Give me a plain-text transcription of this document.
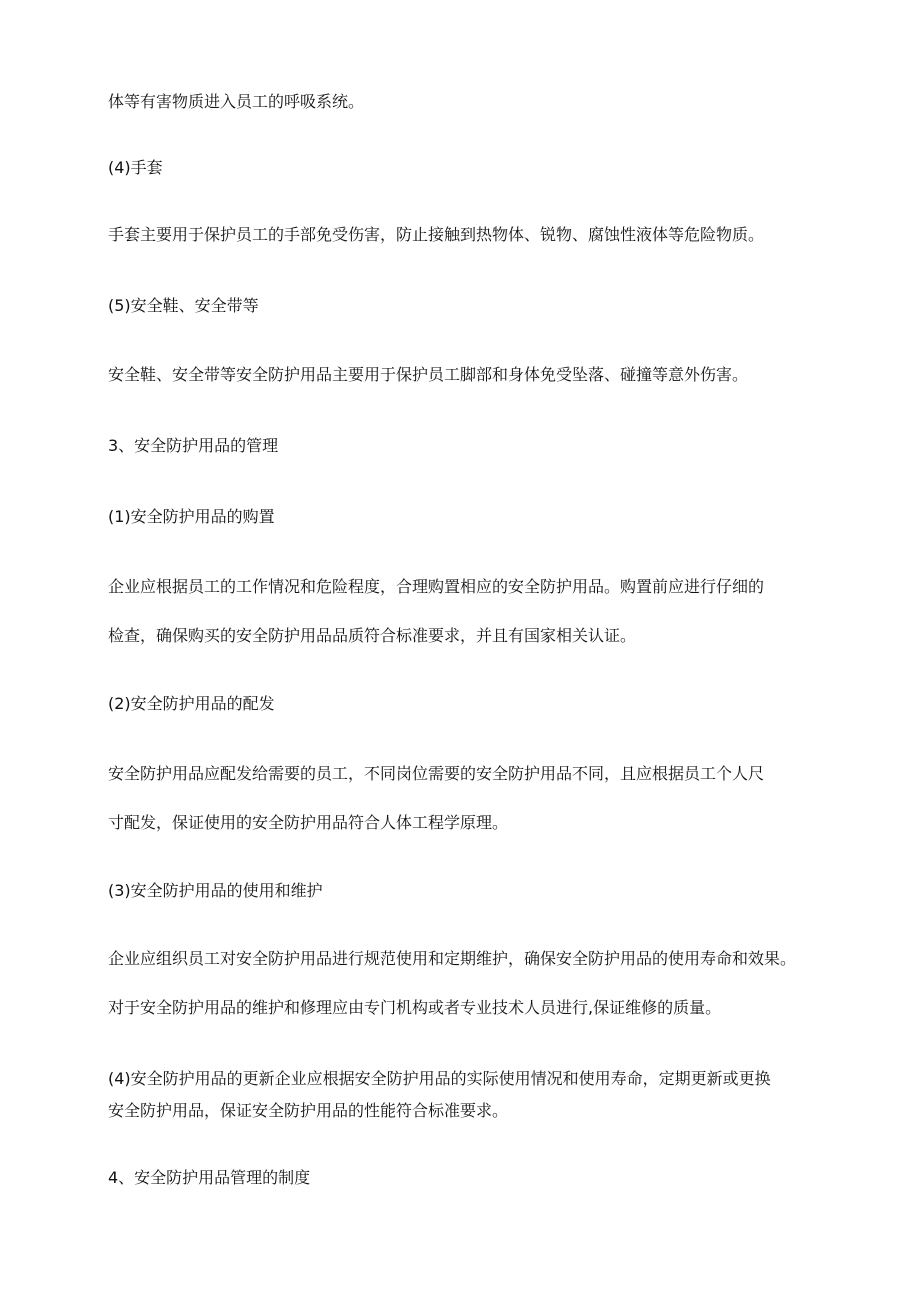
体等有害物质进入员工的呼吸系统。
(4)手套
手套主要用于保护员工的手部免受伤害，防止接触到热物体、锐物、腐蚀性液体等危险物质。
(5)安全鞋、安全带等
安全鞋、安全带等安全防护用品主要用于保护员工脚部和身体免受坠落、碰撞等意外伤害。
3、安全防护用品的管理
(1)安全防护用品的购置
企业应根据员工的工作情况和危险程度，合理购置相应的安全防护用品。购置前应进行仔细的
检查，确保购买的安全防护用品品质符合标准要求，并且有国家相关认证。
(2)安全防护用品的配发
安全防护用品应配发给需要的员工，不同岗位需要的安全防护用品不同，且应根据员工个人尺
寸配发，保证使用的安全防护用品符合人体工程学原理。
(3)安全防护用品的使用和维护
企业应组织员工对安全防护用品进行规范使用和定期维护，确保安全防护用品的使用寿命和效果。
对于安全防护用品的维护和修理应由专门机构或者专业技术人员进行,保证维修的质量。
(4)安全防护用品的更新企业应根据安全防护用品的实际使用情况和使用寿命，定期更新或更换
安全防护用品，保证安全防护用品的性能符合标准要求。
4、安全防护用品管理的制度
